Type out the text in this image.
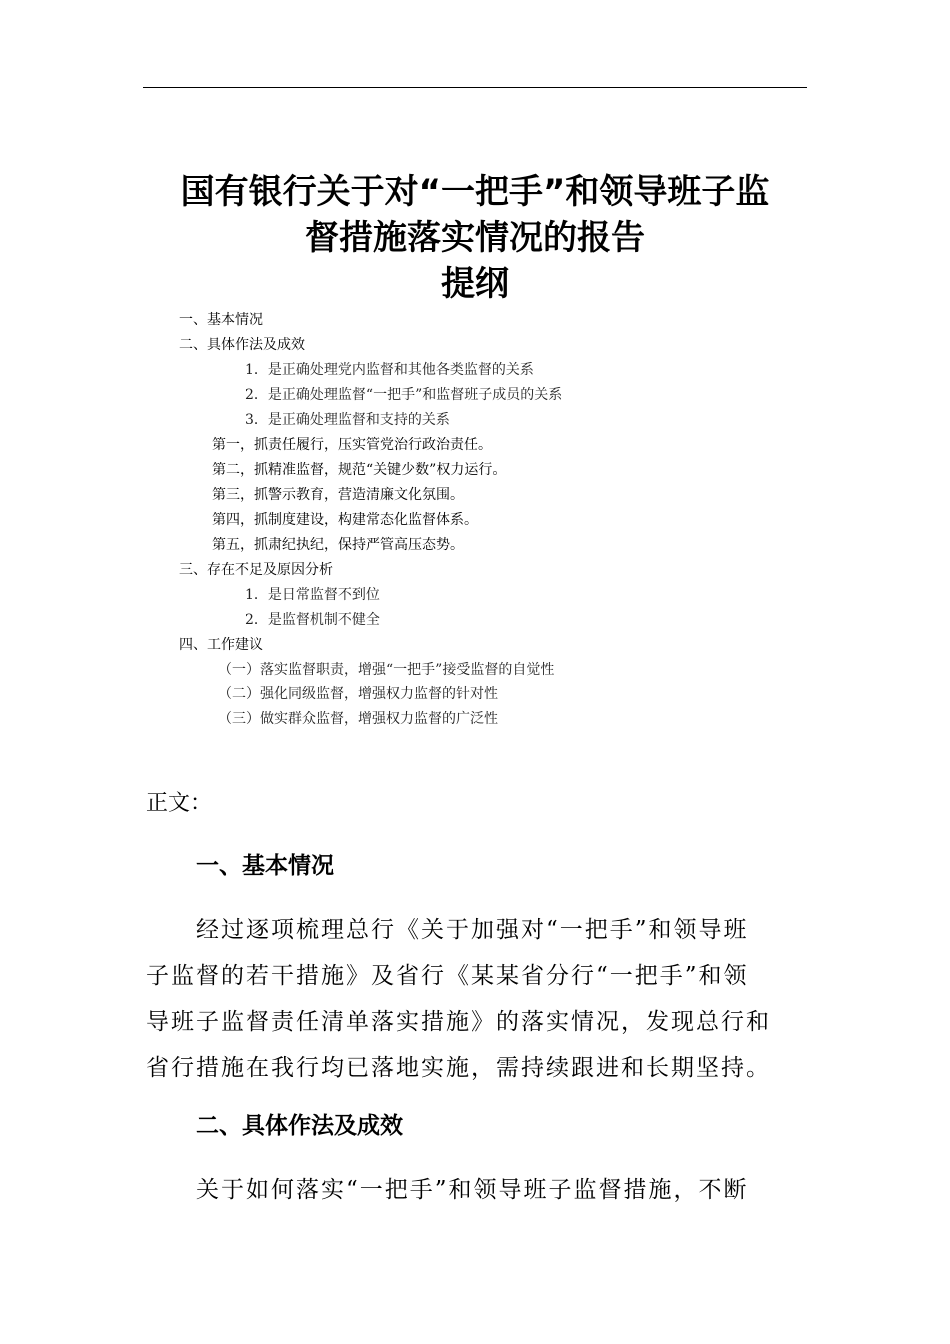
国有银行关于对“一把手”和领导班子监
督措施落实情况的报告
提纲
一、基本情况
二、具体作法及成效
1．是正确处理党内监督和其他各类监督的关系
2．是正确处理监督“一把手”和监督班子成员的关系
3．是正确处理监督和支持的关系
第一，抓责任履行，压实管党治行政治责任。
第二，抓精准监督，规范“关键少数”权力运行。
第三，抓警示教育，营造清廉文化氛围。
第四，抓制度建设，构建常态化监督体系。
第五，抓肃纪执纪，保持严管高压态势。
三、存在不足及原因分析
1．是日常监督不到位
2．是监督机制不健全
四、工作建议
（一）落实监督职责，增强“一把手”接受监督的自觉性
（二）强化同级监督，增强权力监督的针对性
（三）做实群众监督，增强权力监督的广泛性
正文：
一、基本情况
经过逐项梳理总行《关于加强对“一把手”和领导班
子监督的若干措施》及省行《某某省分行“一把手”和领
导班子监督责任清单落实措施》的落实情况，发现总行和
省行措施在我行均已落地实施，需持续跟进和长期坚持。
二、具体作法及成效
关于如何落实“一把手”和领导班子监督措施，不断
